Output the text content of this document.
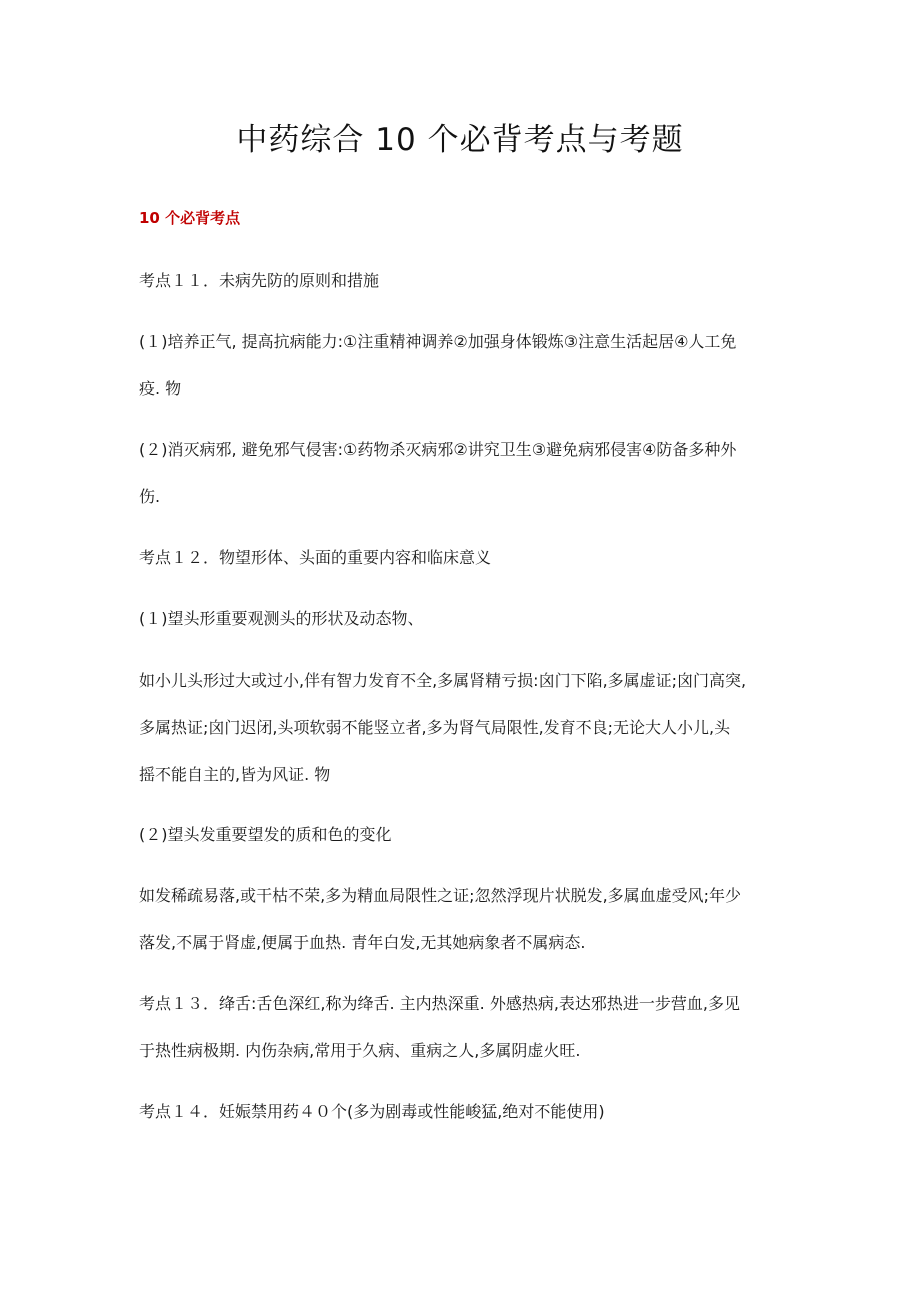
中药综合 10 个必背考点与考题
10 个必背考点
考点１１．未病先防的原则和措施
(１)培养正气, 提高抗病能力:①注重精神调养②加强身体锻炼③注意生活起居④人工免
疫. 物
(２)消灭病邪, 避免邪气侵害:①药物杀灭病邪②讲究卫生③避免病邪侵害④防备多种外
伤.
考点１２．物望形体、头面的重要内容和临床意义
(１)望头形重要观测头的形状及动态物、
如小儿头形过大或过小,伴有智力发育不全,多属肾精亏损:囟门下陷,多属虚证;囟门高突,
多属热证;囟门迟闭,头项软弱不能竖立者,多为肾气局限性,发育不良;无论大人小儿,头
摇不能自主的,皆为风证. 物
(２)望头发重要望发的质和色的变化
如发稀疏易落,或干枯不荣,多为精血局限性之证;忽然浮现片状脱发,多属血虚受风;年少
落发,不属于肾虚,便属于血热. 青年白发,无其她病象者不属病态.
考点１３．绛舌:舌色深红,称为绛舌. 主内热深重. 外感热病,表达邪热进一步营血,多见
于热性病极期. 内伤杂病,常用于久病、重病之人,多属阴虚火旺.
考点１４．妊娠禁用药４０个(多为剧毒或性能峻猛,绝对不能使用)
